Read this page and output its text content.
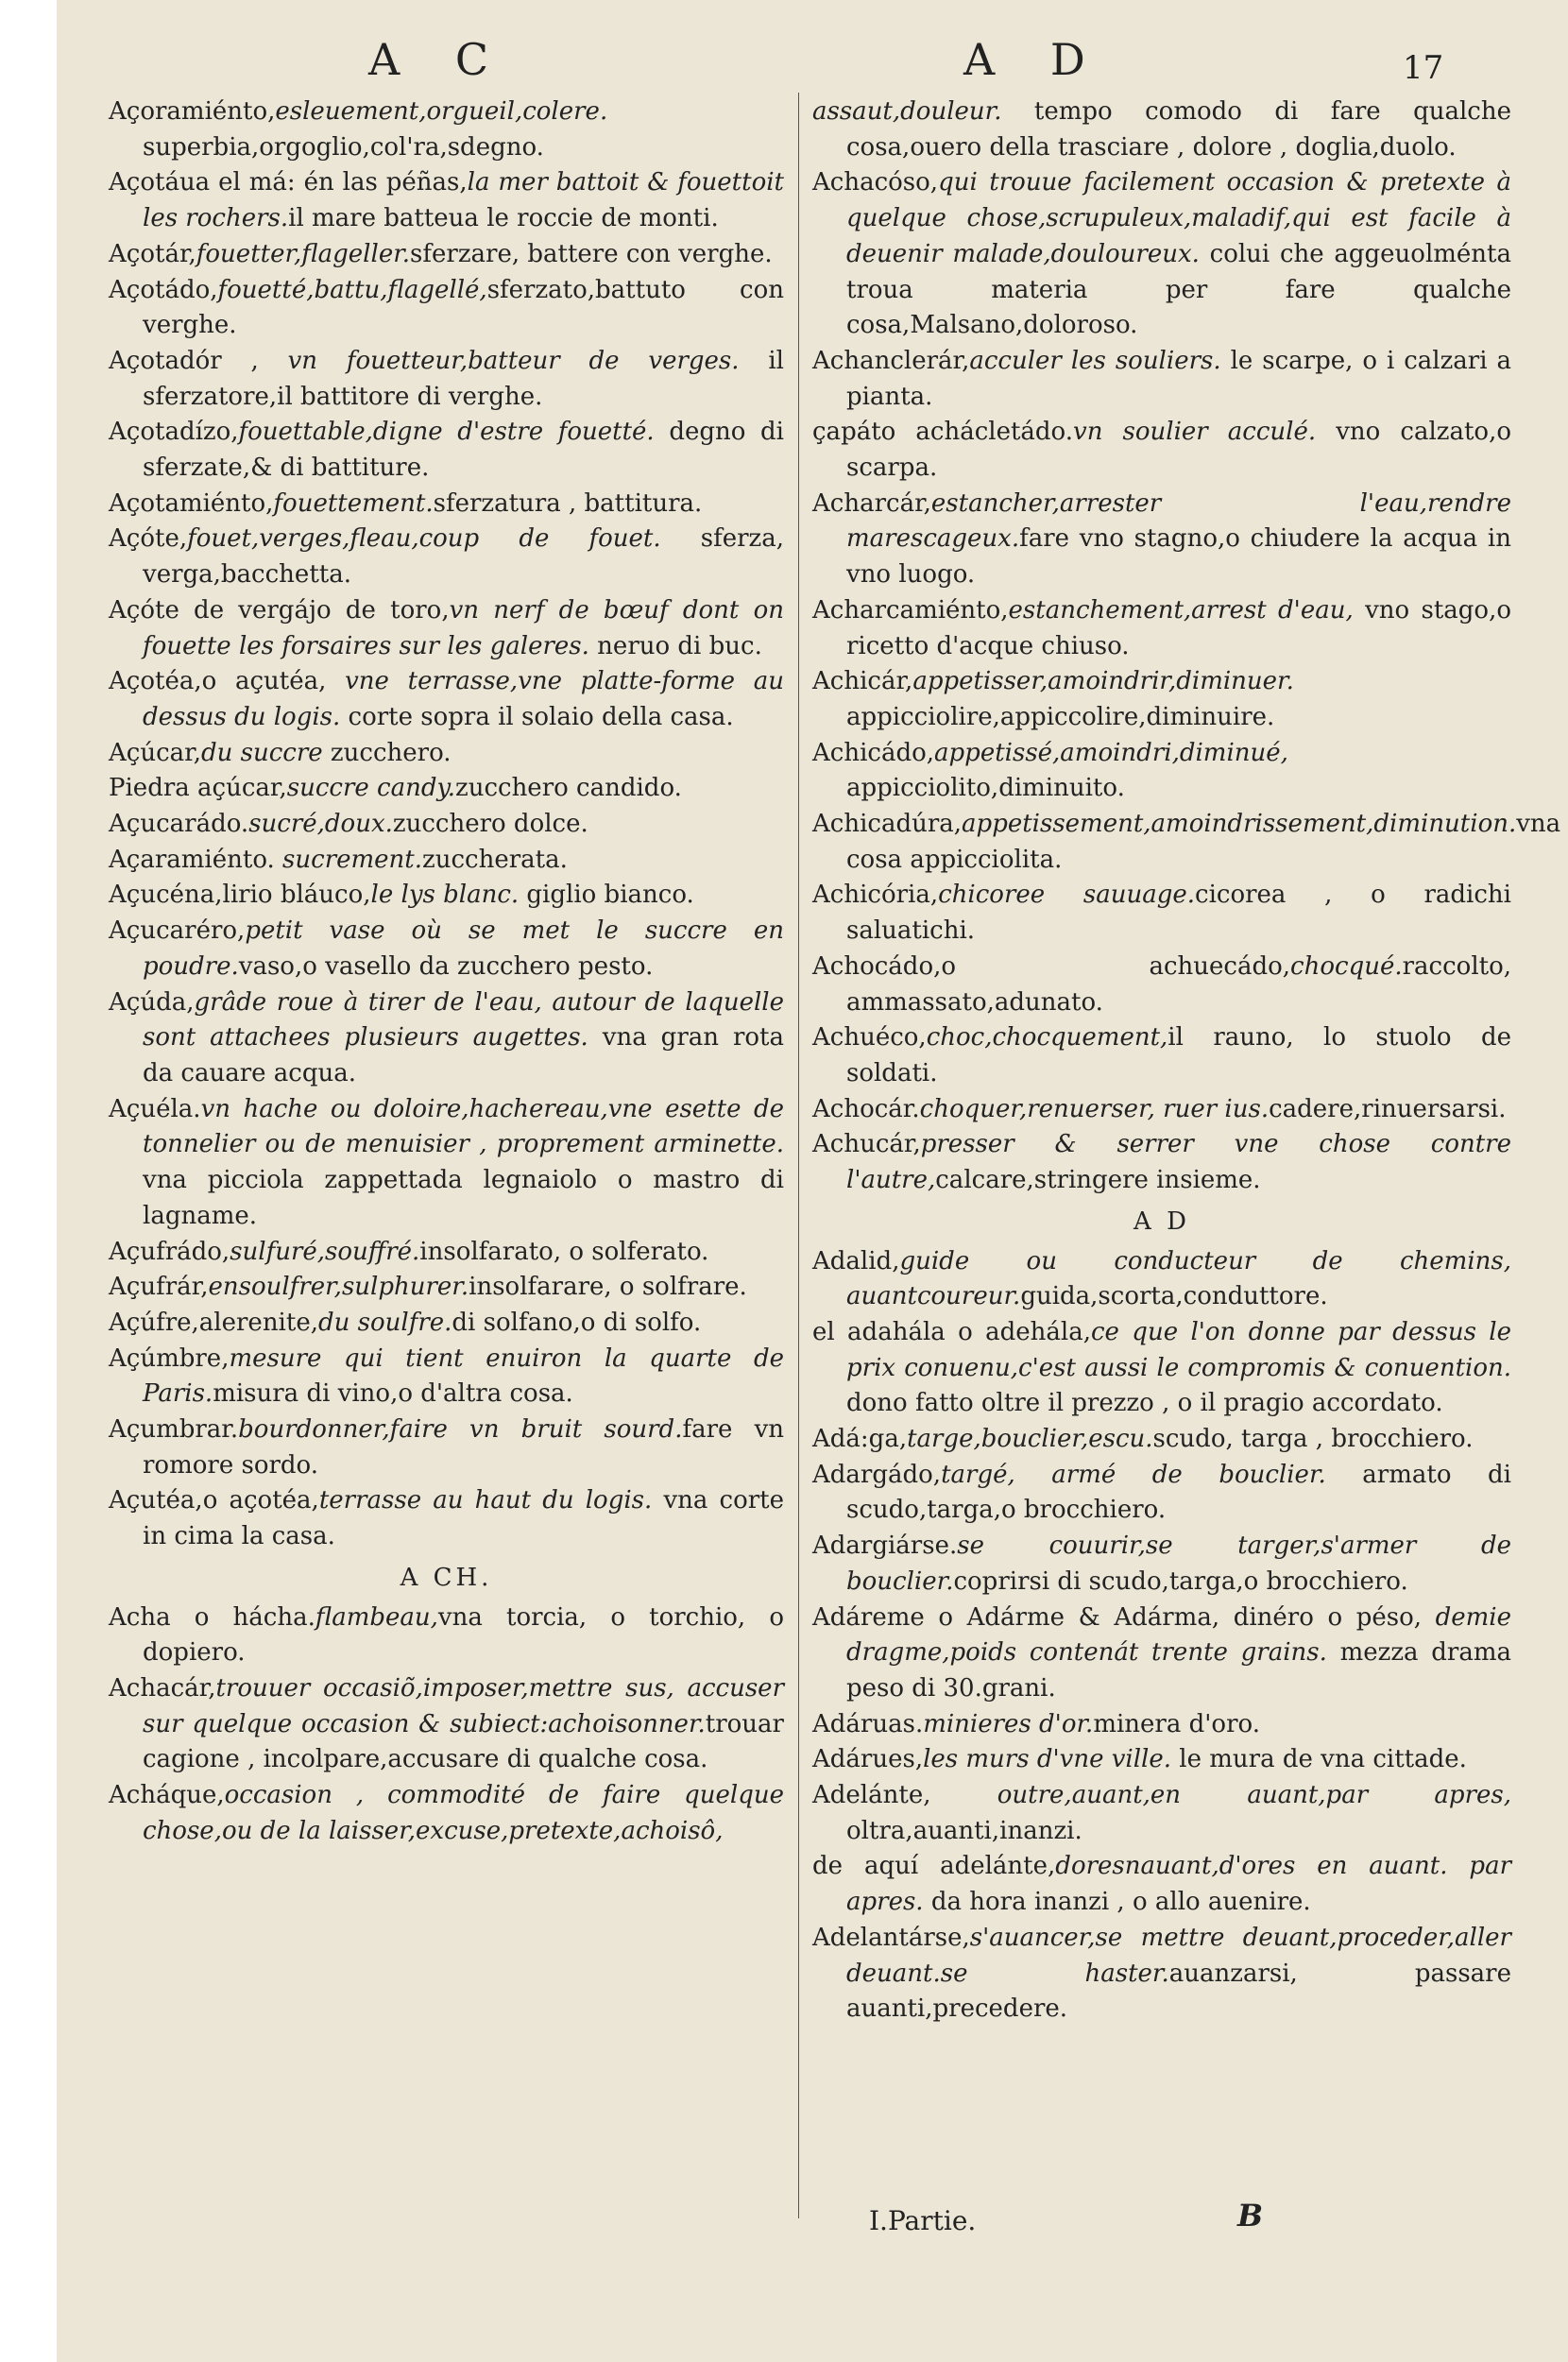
A C	A D	17

Açoramiénto,esleuement,orgueil,colere. superbia,orgoglio,col'ra,sdegno.

Açotáua el má: én las péñas,la mer battoit & fouettoit les rochers.il mare batteua le roccie de monti.

Açotár,fouetter,flageller.sferzare, battere con verghe.

Açotádo,fouetté,battu,flagellé,sferzato,battuto con verghe.

Açotadór , vn fouetteur,batteur de verges. il sferzatore,il battitore di verghe.

Açotadízo,fouettable,digne d'estre fouetté. degno di sferzate,& di battiture.

Açotamiénto,fouettement.sferzatura , battitura.

Açóte,fouet,verges,fleau,coup de fouet. sferza, verga,bacchetta.

Açóte de vergájo de toro,vn nerf de bœuf dont on fouette les forsaires sur les galeres. neruo di buc.

Açotéa,o açutéa, vne terrasse,vne platte-forme au dessus du logis. corte sopra il solaio della casa.

Açúcar,du succre zucchero.

Piedra açúcar,succre candy.zucchero candido.

Açucarádo.sucré,doux.zucchero dolce.

Açaramiénto. sucrement.zuccherata.

Açucéna,lirio bláuco,le lys blanc. giglio bianco.

Açucaréro,petit vase où se met le succre en poudre.vaso,o vasello da zucchero pesto.

Açúda,grâde roue à tirer de l'eau, autour de laquelle sont attachees plusieurs augettes. vna gran rota da cauare acqua.

Açuéla.vn hache ou doloire,hachereau,vne esette de tonnelier ou de menuisier , proprement arminette. vna picciola zappettada legnaiolo o mastro di lagname.

Açufrádo,sulfuré,souffré.insolfarato, o solferato.

Açufrár,ensoulfrer,sulphurer.insolfarare, o solfrare.

Açúfre,alerenite,du soulfre.di solfano,o di solfo.

Açúmbre,mesure qui tient enuiron la quarte de Paris.misura di vino,o d'altra cosa.

Açumbrar.bourdonner,faire vn bruit sourd.fare vn romore sordo.

Açutéa,o açotéa,terrasse au haut du logis. vna corte in cima la casa.

A CH.

Acha o hácha.flambeau,vna torcia, o torchio, o dopiero.

Achacár,trouuer occasiõ,imposer,mettre sus, accuser sur quelque occasion & subiect:achoisonner.trouar cagione , incolpare,accusare di qualche cosa.

Acháque,occasion , commodité de faire quelque chose,ou de la laisser,excuse,pretexte,achoisô,

assaut,douleur. tempo comodo di fare qualche cosa,ouero della trasciare , dolore , doglia,duolo.

Achacóso,qui trouue facilement occasion & pretexte à quelque chose,scrupuleux,maladif,qui est facile à deuenir malade,douloureux. colui che aggeuolménta troua materia per fare qualche cosa,Malsano,doloroso.

Achanclerár,acculer les souliers. le scarpe, o i calzari a pianta.

çapáto achácletádo.vn soulier acculé. vno calzato,o scarpa.

Acharcár,estancher,arrester l'eau,rendre marescageux.fare vno stagno,o chiudere la acqua in vno luogo.

Acharcamiénto,estanchement,arrest d'eau, vno stago,o ricetto d'acque chiuso.

Achicár,appetisser,amoindrir,diminuer. appicciolire,appiccolire,diminuire.

Achicádo,appetissé,amoindri,diminué, appicciolito,diminuito.

Achicadúra,appetissement,amoindrissement,diminution.vna cosa appicciolita.

Achicória,chicoree sauuage.cicorea , o radichi saluatichi.

Achocádo,o achuecádo,chocqué.raccolto, ammassato,adunato.

Achuéco,choc,chocquement,il rauno, lo stuolo de soldati.

Achocár.choquer,renuerser, ruer ius.cadere,rinuersarsi.

Achucár,presser & serrer vne chose contre l'autre,calcare,stringere insieme.

A D

Adalid,guide ou conducteur de chemins, auantcoureur.guida,scorta,conduttore.

el adahála o adehála,ce que l'on donne par dessus le prix conuenu,c'est aussi le compromis & conuention. dono fatto oltre il prezzo , o il pragio accordato.

Adá:ga,targe,bouclier,escu.scudo, targa , brocchiero.

Adargádo,targé, armé de bouclier. armato di scudo,targa,o brocchiero.

Adargiárse.se couurir,se targer,s'armer de bouclier.coprirsi di scudo,targa,o brocchiero.

Adáreme o Adárme & Adárma, dinéro o péso, demie dragme,poids contenát trente grains. mezza drama peso di 30.grani.

Adáruas.minieres d'or.minera d'oro.

Adárues,les murs d'vne ville. le mura de vna cittade.

Adelánte, outre,auant,en auant,par apres, oltra,auanti,inanzi.

de aquí adelánte,doresnauant,d'ores en auant. par apres. da hora inanzi , o allo auenire.

Adelantárse,s'auancer,se mettre deuant,proceder,aller deuant.se haster.auanzarsi, passare auanti,precedere.

I.Partie.	B
